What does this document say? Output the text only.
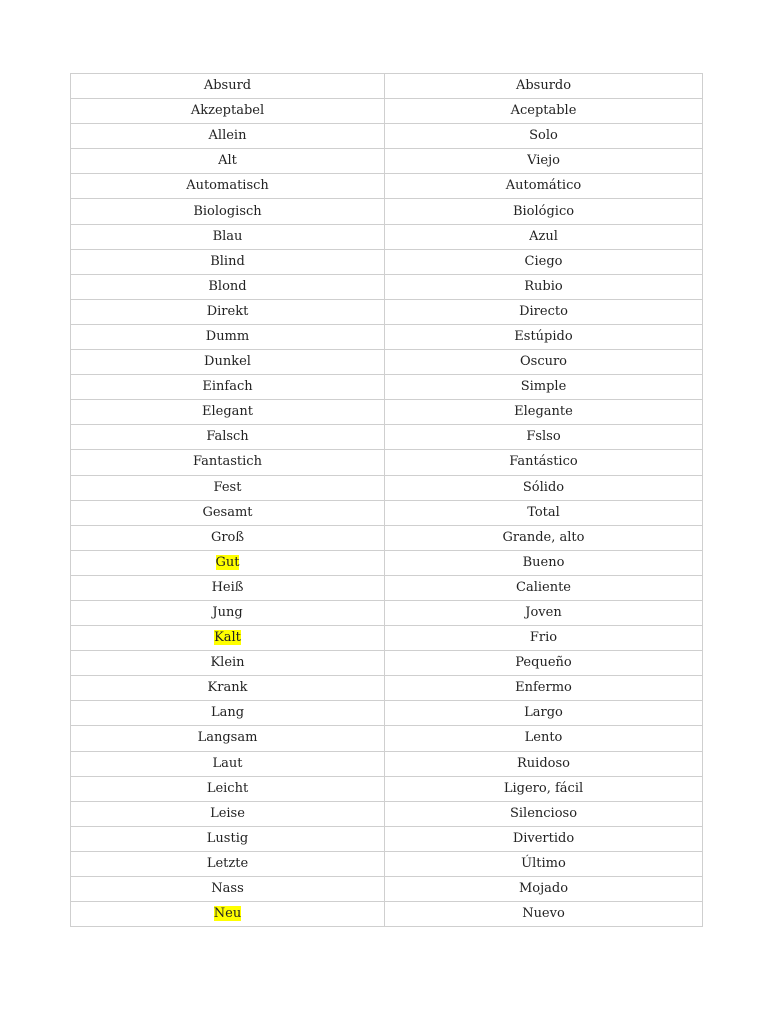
Absurd	Absurdo
Akzeptabel	Aceptable
Allein	Solo
Alt	Viejo
Automatisch	Automático
Biologisch	Biológico
Blau	Azul
Blind	Ciego
Blond	Rubio
Direkt	Directo
Dumm	Estúpido
Dunkel	Oscuro
Einfach	Simple
Elegant	Elegante
Falsch	Fslso
Fantastich	Fantástico
Fest	Sólido
Gesamt	Total
Groß	Grande, alto
Gut	Bueno
Heiß	Caliente
Jung	Joven
Kalt	Frio
Klein	Pequeño
Krank	Enfermo
Lang	Largo
Langsam	Lento
Laut	Ruidoso
Leicht	Ligero, fácil
Leise	Silencioso
Lustig	Divertido
Letzte	Último
Nass	Mojado
Neu	Nuevo
